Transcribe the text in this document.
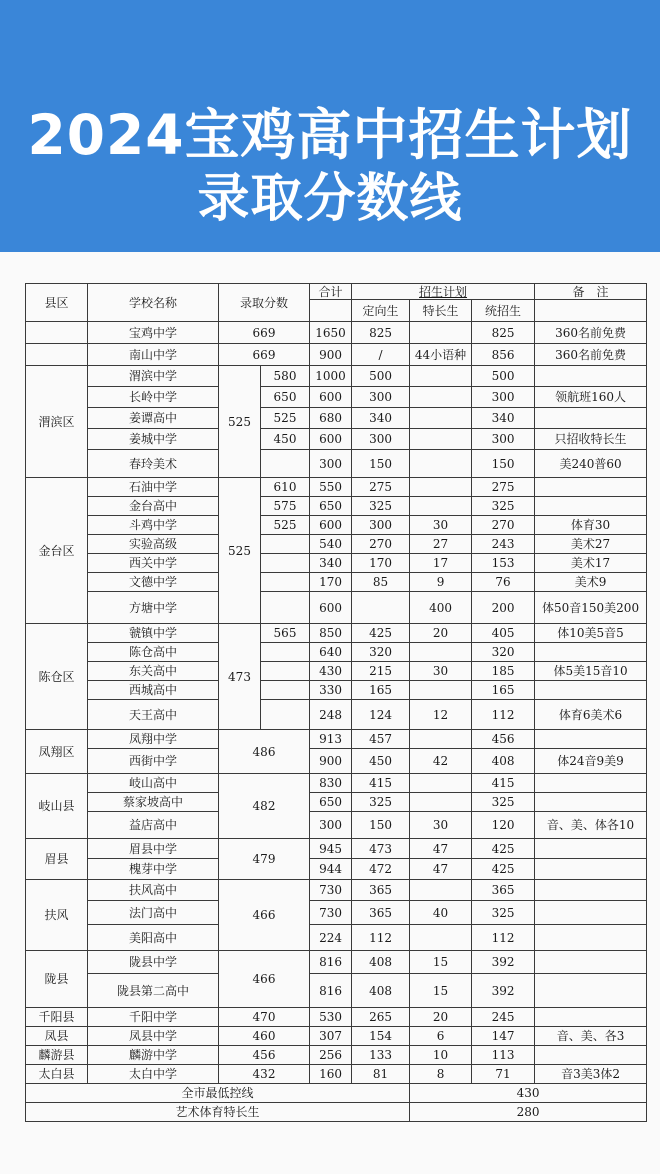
2024宝鸡高中招生计划
录取分数线
县区	学校名称	录取分数		合计	招生计划			备　注
					定向生	特长生	统招生	
	宝鸡中学	669		1650	825		825	360名前免费
	南山中学	669		900	/	44小语种	856	360名前免费
渭滨区	渭滨中学	525	580	1000	500		500	
	长岭中学		650	600	300		300	领航班160人
	姜谭高中		525	680	340		340	
	姜城中学		450	600	300		300	只招收特长生
	春玲美术			300	150		150	美240普60
金台区	石油中学	525	610	550	275		275	
	金台高中		575	650	325		325	
	斗鸡中学		525	600	300	30	270	体育30
	实验高级			540	270	27	243	美术27
	西关中学			340	170	17	153	美术17
	文德中学			170	85	9	76	美术9
	方塘中学			600		400	200	体50音150美200
陈仓区	虢镇中学	473	565	850	425	20	405	体10美5音5
	陈仓高中			640	320		320	
	东关高中			430	215	30	185	体5美15音10
	西城高中			330	165		165	
	天王高中			248	124	12	112	体育6美术6
凤翔区	凤翔中学	486		913	457		456	
	西街中学			900	450	42	408	体24音9美9
岐山县	岐山高中	482		830	415		415	
	蔡家坡高中			650	325		325	
	益店高中			300	150	30	120	音、美、体各10
眉县	眉县中学	479		945	473	47	425	
	槐芽中学			944	472	47	425	
扶风	扶风高中	466		730	365		365	
	法门高中			730	365	40	325	
	美阳高中			224	112		112	
陇县	陇县中学	466		816	408	15	392	
	陇县第二高中			816	408	15	392	
千阳县	千阳中学	470		530	265	20	245	
凤县	凤县中学	460		307	154	6	147	音、美、各3
麟游县	麟游中学	456		256	133	10	113	
太白县	太白中学	432		160	81	8	71	音3美3体2
全市最低控线						430		
艺术体育特长生						280		
